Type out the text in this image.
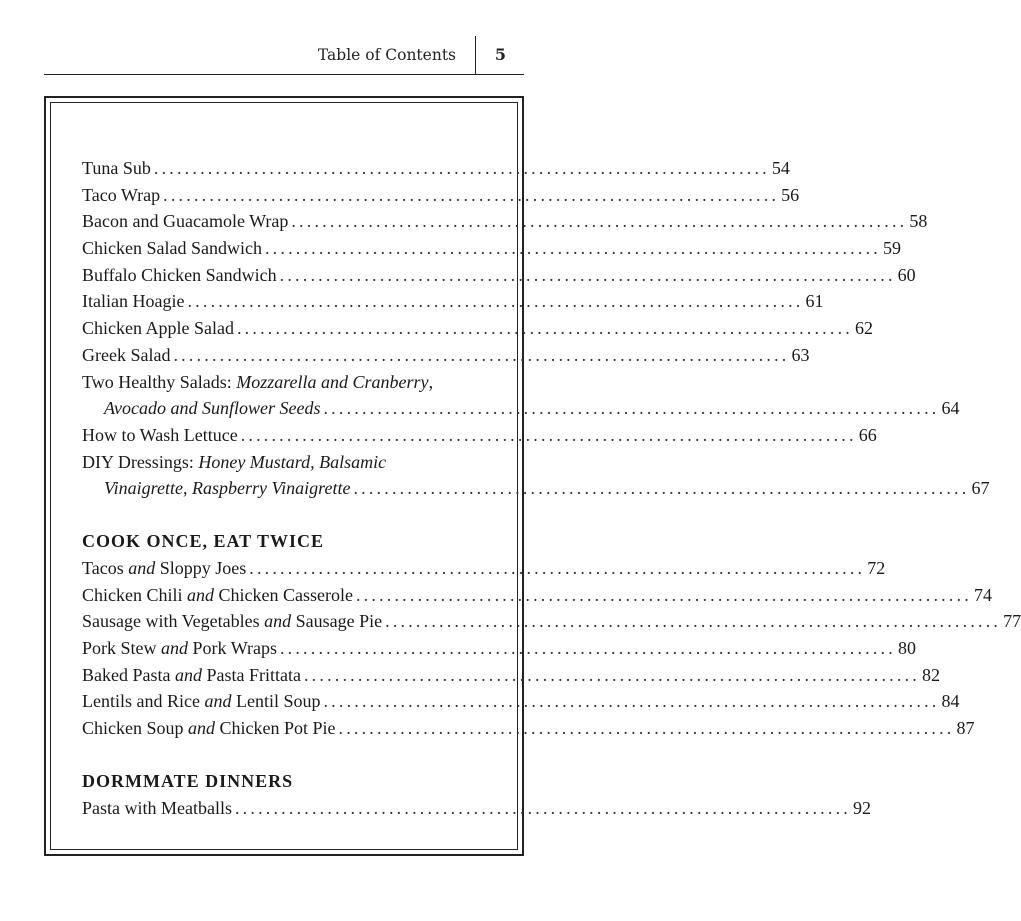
Table of Contents 5
Tuna Sub ................................................................................ 54
Taco Wrap ................................................................................ 56
Bacon and Guacamole Wrap ................................................................................ 58
Chicken Salad Sandwich ................................................................................ 59
Buffalo Chicken Sandwich ................................................................................ 60
Italian Hoagie ................................................................................ 61
Chicken Apple Salad ................................................................................ 62
Greek Salad ................................................................................ 63
Two Healthy Salads: Mozzarella and Cranberry,
Avocado and Sunflower Seeds ................................................................................ 64
How to Wash Lettuce ................................................................................ 66
DIY Dressings: Honey Mustard, Balsamic
Vinaigrette, Raspberry Vinaigrette ................................................................................ 67
COOK ONCE, EAT TWICE
Tacos and Sloppy Joes ................................................................................ 72
Chicken Chili and Chicken Casserole ................................................................................ 74
Sausage with Vegetables and Sausage Pie ................................................................................ 77
Pork Stew and Pork Wraps ................................................................................ 80
Baked Pasta and Pasta Frittata ................................................................................ 82
Lentils and Rice and Lentil Soup ................................................................................ 84
Chicken Soup and Chicken Pot Pie ................................................................................ 87
DORMMATE DINNERS
Pasta with Meatballs ................................................................................ 92
